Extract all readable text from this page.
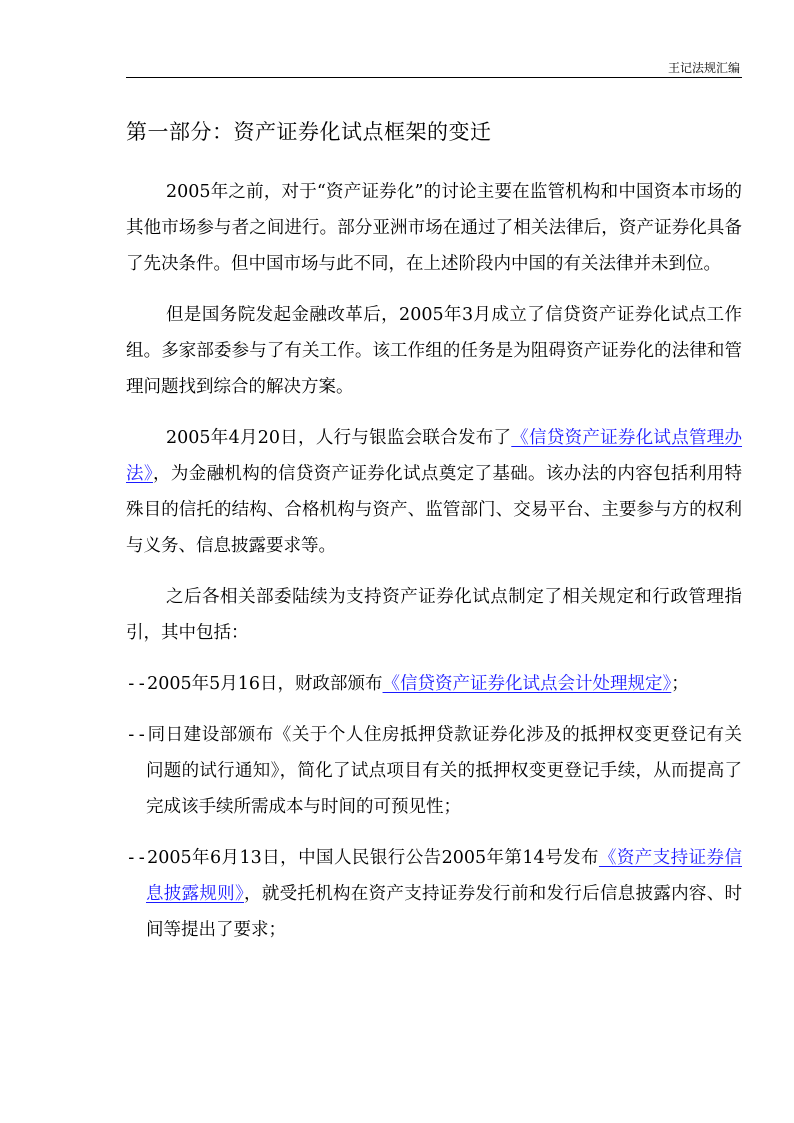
王记法规汇编
第一部分：资产证券化试点框架的变迁

2005年之前，对于“资产证券化”的讨论主要在监管机构和中国资本市场的其他市场参与者之间进行。部分亚洲市场在通过了相关法律后，资产证券化具备了先决条件。但中国市场与此不同，在上述阶段内中国的有关法律并未到位。

但是国务院发起金融改革后，2005年3月成立了信贷资产证券化试点工作组。多家部委参与了有关工作。该工作组的任务是为阻碍资产证券化的法律和管理问题找到综合的解决方案。

2005年4月20日，人行与银监会联合发布了《信贷资产证券化试点管理办法》，为金融机构的信贷资产证券化试点奠定了基础。该办法的内容包括利用特殊目的信托的结构、合格机构与资产、监管部门、交易平台、主要参与方的权利与义务、信息披露要求等。

之后各相关部委陆续为支持资产证券化试点制定了相关规定和行政管理指引，其中包括：

--2005年5月16日，财政部颁布《信贷资产证券化试点会计处理规定》；

--同日建设部颁布《关于个人住房抵押贷款证券化涉及的抵押权变更登记有关问题的试行通知》，简化了试点项目有关的抵押权变更登记手续，从而提高了完成该手续所需成本与时间的可预见性；

--2005年6月13日，中国人民银行公告2005年第14号发布《资产支持证券信息披露规则》，就受托机构在资产支持证券发行前和发行后信息披露内容、时间等提出了要求；
